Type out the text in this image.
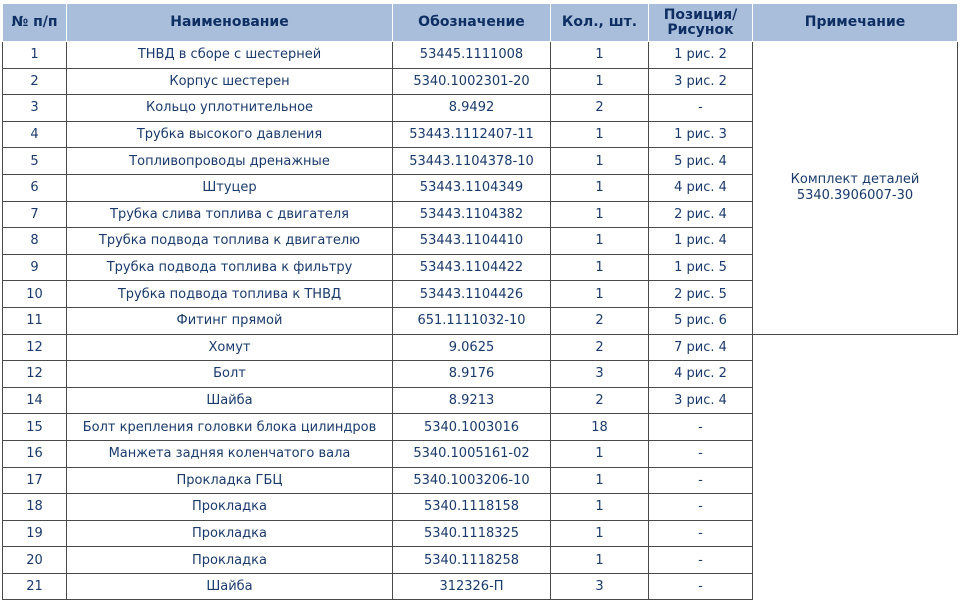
№ п/п	Наименование	Обозначение	Кол., шт.	Позиция/ Рисунок	Примечание
1	ТНВД в сборе с шестерней	53445.1111008	1	1 рис. 2	Комплект деталей
5340.3906007-30

2	Корпус шестерен	5340.1002301-20	1	3 рис. 2	
3	Кольцо уплотнительное	8.9492	2	-	
4	Трубка высокого давления	53443.1112407-11	1	1 рис. 3	
5	Топливопроводы дренажные	53443.1104378-10	1	5 рис. 4	
6	Штуцер	53443.1104349	1	4 рис. 4	
7	Трубка слива топлива с двигателя	53443.1104382	1	2 рис. 4	
8	Трубка подвода топлива к двигателю	53443.1104410	1	1 рис. 4	
9	Трубка подвода топлива к фильтру	53443.1104422	1	1 рис. 5	
10	Трубка подвода топлива к ТНВД	53443.1104426	1	2 рис. 5	
11	Фитинг прямой	651.1111032-10	2	5 рис. 6	
12	Хомут	9.0625	2	7 рис. 4	
12	Болт	8.9176	3	4 рис. 2	
14	Шайба	8.9213	2	3 рис. 4	
15	Болт крепления головки блока цилиндров	5340.1003016	18	-	
16	Манжета задняя коленчатого вала	5340.1005161-02	1	-	
17	Прокладка ГБЦ	5340.1003206-10	1	-	
18	Прокладка	5340.1118158	1	-	
19	Прокладка	5340.1118325	1	-	
20	Прокладка	5340.1118258	1	-	
21	Шайба	312326-П	3	-	
